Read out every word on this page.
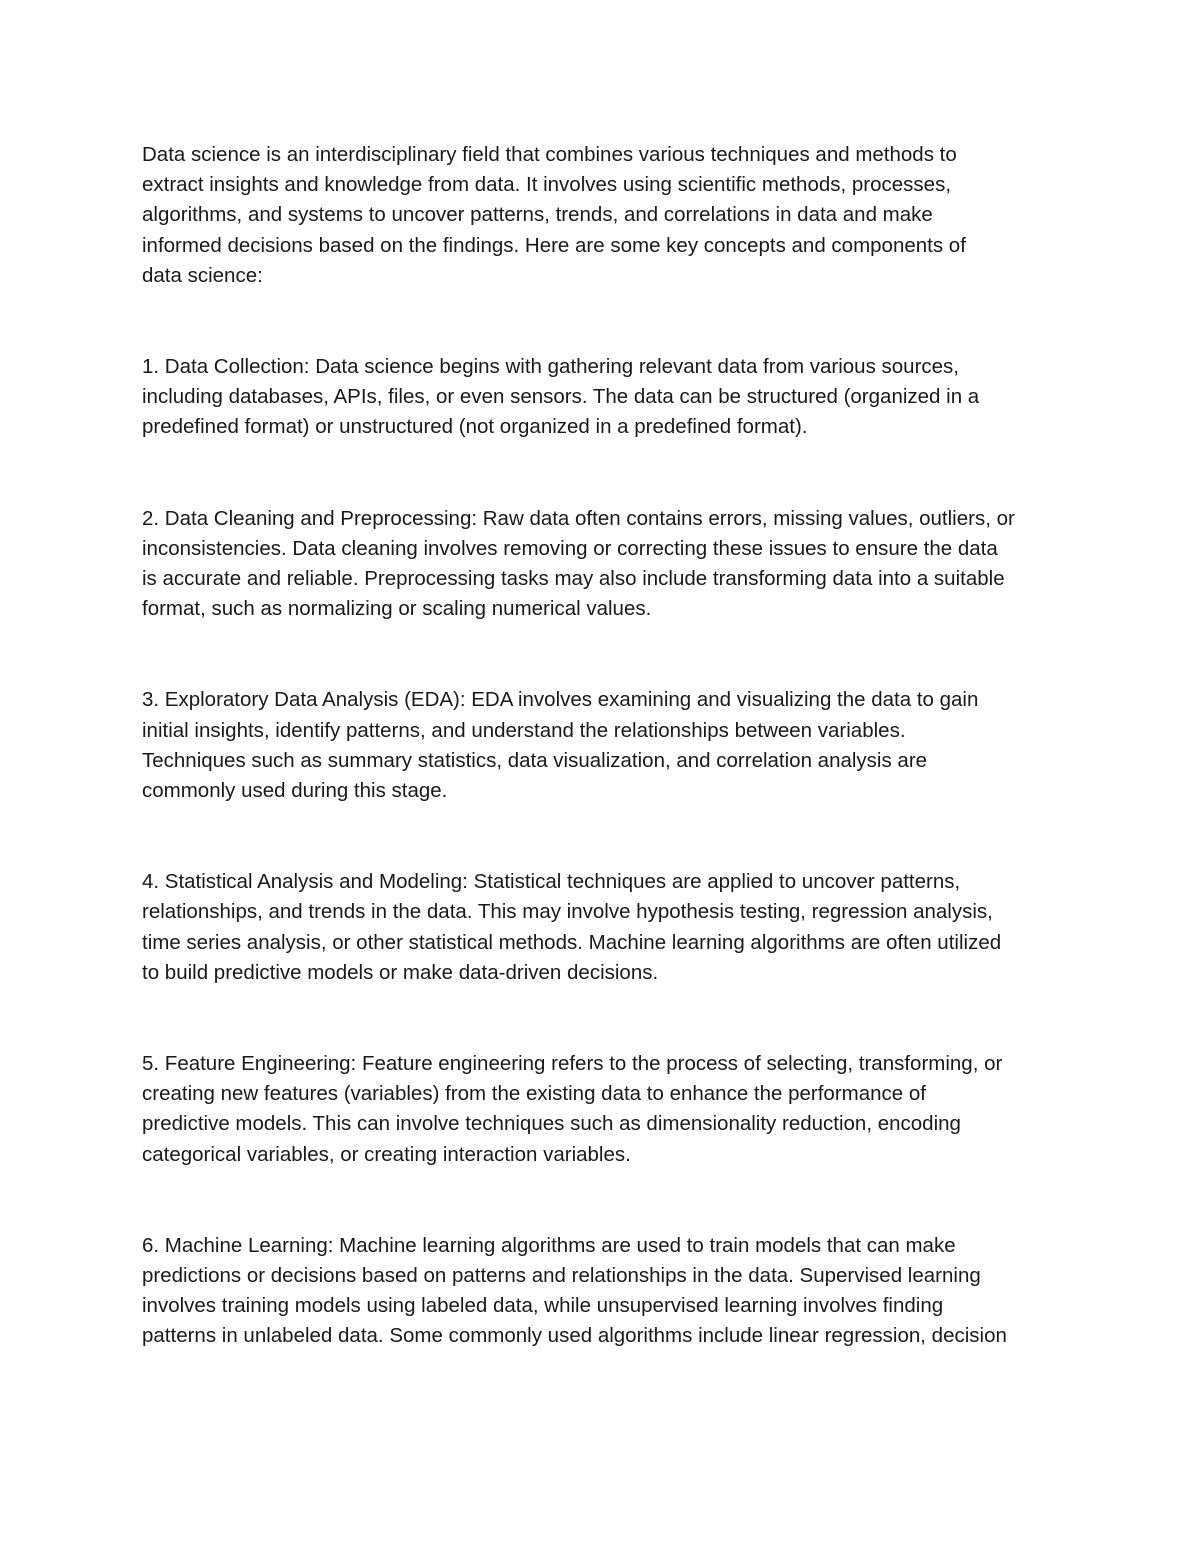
Data science is an interdisciplinary field that combines various techniques and methods to
extract insights and knowledge from data. It involves using scientific methods, processes,
algorithms, and systems to uncover patterns, trends, and correlations in data and make
informed decisions based on the findings. Here are some key concepts and components of
data science:

1. Data Collection: Data science begins with gathering relevant data from various sources,
including databases, APIs, files, or even sensors. The data can be structured (organized in a
predefined format) or unstructured (not organized in a predefined format).

2. Data Cleaning and Preprocessing: Raw data often contains errors, missing values, outliers, or
inconsistencies. Data cleaning involves removing or correcting these issues to ensure the data
is accurate and reliable. Preprocessing tasks may also include transforming data into a suitable
format, such as normalizing or scaling numerical values.

3. Exploratory Data Analysis (EDA): EDA involves examining and visualizing the data to gain
initial insights, identify patterns, and understand the relationships between variables.
Techniques such as summary statistics, data visualization, and correlation analysis are
commonly used during this stage.

4. Statistical Analysis and Modeling: Statistical techniques are applied to uncover patterns,
relationships, and trends in the data. This may involve hypothesis testing, regression analysis,
time series analysis, or other statistical methods. Machine learning algorithms are often utilized
to build predictive models or make data-driven decisions.

5. Feature Engineering: Feature engineering refers to the process of selecting, transforming, or
creating new features (variables) from the existing data to enhance the performance of
predictive models. This can involve techniques such as dimensionality reduction, encoding
categorical variables, or creating interaction variables.

6. Machine Learning: Machine learning algorithms are used to train models that can make
predictions or decisions based on patterns and relationships in the data. Supervised learning
involves training models using labeled data, while unsupervised learning involves finding
patterns in unlabeled data. Some commonly used algorithms include linear regression, decision
